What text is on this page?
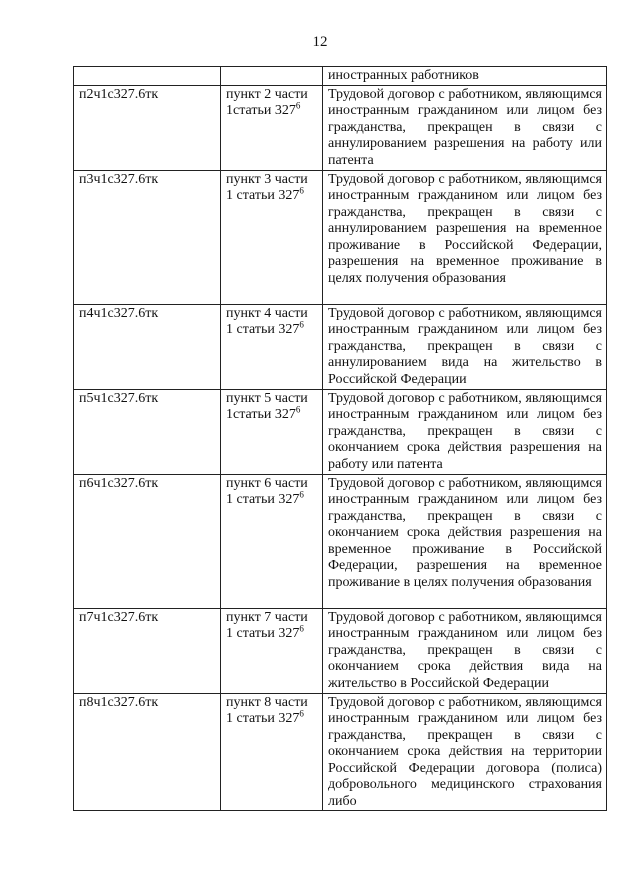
12
		иностранных работников
п2ч1с327.6тк	пункт 2 части 1статьи $327^6$	Трудовой договор с работником, являющимся иностранным гражданином или лицом без гражданства, прекращен в связи с аннулированием разрешения на работу или патента
п3ч1с327.6тк	пункт 3 части 1 статьи $327^6$	Трудовой договор с работником, являющимся иностранным гражданином или лицом без гражданства, прекращен в связи с аннулированием разрешения на временное проживание в Российской Федерации, разрешения на временное проживание в целях получения образования
п4ч1с327.6тк	пункт 4 части 1 статьи $327^6$	Трудовой договор с работником, являющимся иностранным гражданином или лицом без гражданства, прекращен в связи с аннулированием вида на жительство в Российской Федерации
п5ч1с327.6тк	пункт 5 части 1статьи $327^6$	Трудовой договор с работником, являющимся иностранным гражданином или лицом без гражданства, прекращен в связи с окончанием срока действия разрешения на работу или патента
п6ч1с327.6тк	пункт 6 части 1 статьи $327^6$	Трудовой договор с работником, являющимся иностранным гражданином или лицом без гражданства, прекращен в связи с окончанием срока действия разрешения на временное проживание в Российской Федерации, разрешения на временное проживание в целях получения образования
п7ч1с327.6тк	пункт 7 части 1 статьи $327^6$	Трудовой договор с работником, являющимся иностранным гражданином или лицом без гражданства, прекращен в связи с окончанием срока действия вида на жительство в Российской Федерации
п8ч1с327.6тк	пункт 8 части 1 статьи $327^6$	Трудовой договор с работником, являющимся иностранным гражданином или лицом без гражданства, прекращен в связи с окончанием срока действия на территории Российской Федерации договора (полиса) добровольного медицинского страхования либо
